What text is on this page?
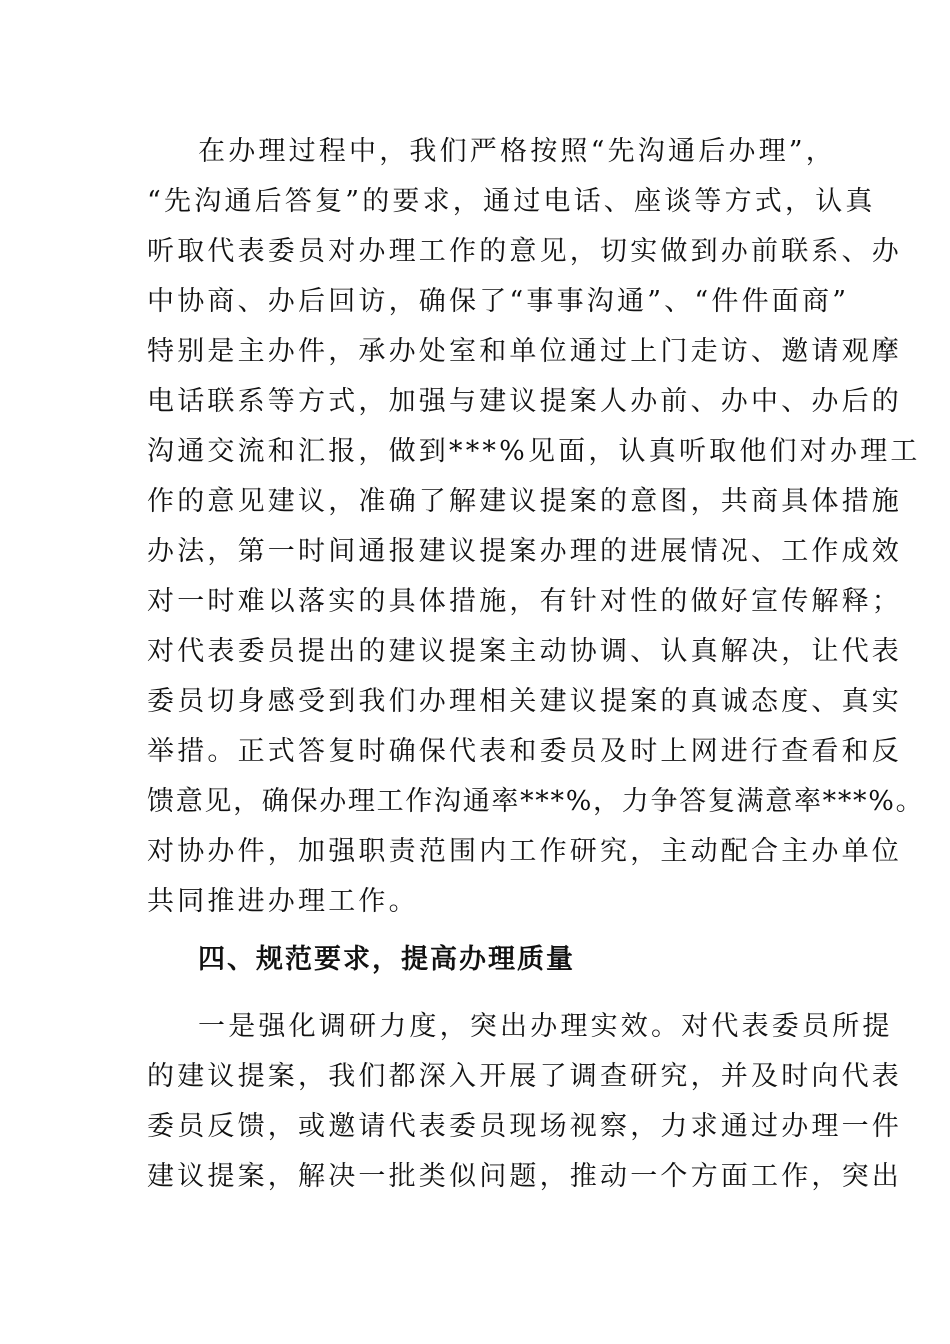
在办理过程中，我们严格按照“先沟通后办理”，
“先沟通后答复”的要求，通过电话、座谈等方式，认真
听取代表委员对办理工作的意见，切实做到办前联系、办
中协商、办后回访，确保了“事事沟通”、“件件面商”
特别是主办件，承办处室和单位通过上门走访、邀请观摩
电话联系等方式，加强与建议提案人办前、办中、办后的
沟通交流和汇报，做到***%见面，认真听取他们对办理工
作的意见建议，准确了解建议提案的意图，共商具体措施
办法，第一时间通报建议提案办理的进展情况、工作成效
对一时难以落实的具体措施，有针对性的做好宣传解释；
对代表委员提出的建议提案主动协调、认真解决，让代表
委员切身感受到我们办理相关建议提案的真诚态度、真实
举措。正式答复时确保代表和委员及时上网进行查看和反
馈意见，确保办理工作沟通率***%，力争答复满意率***%。
对协办件，加强职责范围内工作研究，主动配合主办单位
共同推进办理工作。
四、规范要求，提高办理质量
一是强化调研力度，突出办理实效。对代表委员所提
的建议提案，我们都深入开展了调查研究，并及时向代表
委员反馈，或邀请代表委员现场视察，力求通过办理一件
建议提案，解决一批类似问题，推动一个方面工作，突出
